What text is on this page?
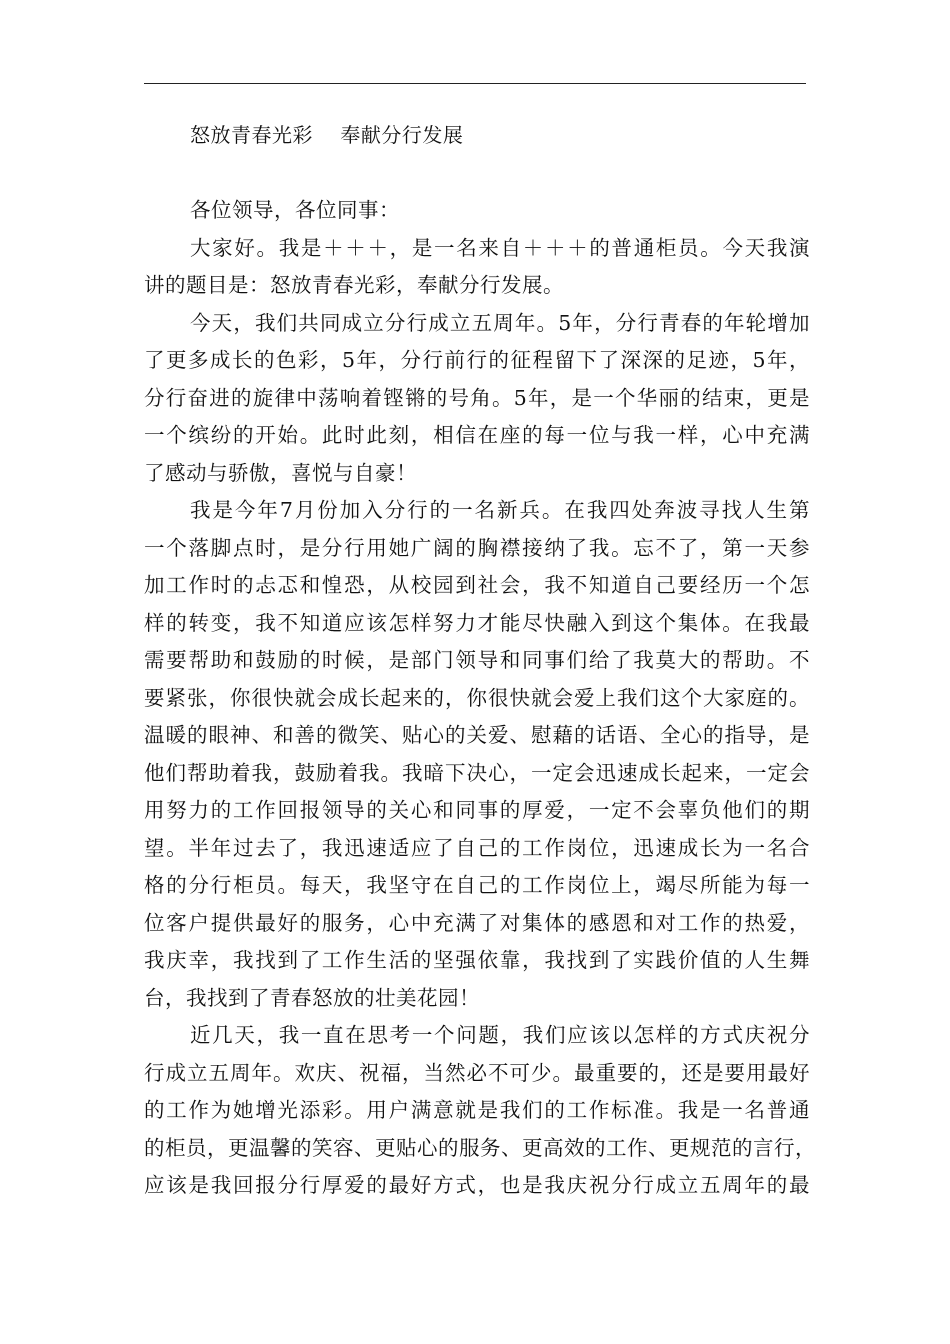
怒放青春光彩    奉献分行发展
各位领导，各位同事：
大家好。我是＋＋＋，是一名来自＋＋＋的普通柜员。今天我演
讲的题目是：怒放青春光彩，奉献分行发展。
今天，我们共同成立分行成立五周年。5年，分行青春的年轮增加
了更多成长的色彩，5年，分行前行的征程留下了深深的足迹，5年，
分行奋进的旋律中荡响着铿锵的号角。5年，是一个华丽的结束，更是
一个缤纷的开始。此时此刻，相信在座的每一位与我一样，心中充满
了感动与骄傲，喜悦与自豪！
我是今年7月份加入分行的一名新兵。在我四处奔波寻找人生第
一个落脚点时，是分行用她广阔的胸襟接纳了我。忘不了，第一天参
加工作时的忐忑和惶恐，从校园到社会，我不知道自己要经历一个怎
样的转变，我不知道应该怎样努力才能尽快融入到这个集体。在我最
需要帮助和鼓励的时候，是部门领导和同事们给了我莫大的帮助。不
要紧张，你很快就会成长起来的，你很快就会爱上我们这个大家庭的。
温暖的眼神、和善的微笑、贴心的关爱、慰藉的话语、全心的指导，是
他们帮助着我，鼓励着我。我暗下决心，一定会迅速成长起来，一定会
用努力的工作回报领导的关心和同事的厚爱，一定不会辜负他们的期
望。半年过去了，我迅速适应了自己的工作岗位，迅速成长为一名合
格的分行柜员。每天，我坚守在自己的工作岗位上，竭尽所能为每一
位客户提供最好的服务，心中充满了对集体的感恩和对工作的热爱，
我庆幸，我找到了工作生活的坚强依靠，我找到了实践价值的人生舞
台，我找到了青春怒放的壮美花园！
近几天，我一直在思考一个问题，我们应该以怎样的方式庆祝分
行成立五周年。欢庆、祝福，当然必不可少。最重要的，还是要用最好
的工作为她增光添彩。用户满意就是我们的工作标准。我是一名普通
的柜员，更温馨的笑容、更贴心的服务、更高效的工作、更规范的言行，
应该是我回报分行厚爱的最好方式，也是我庆祝分行成立五周年的最
